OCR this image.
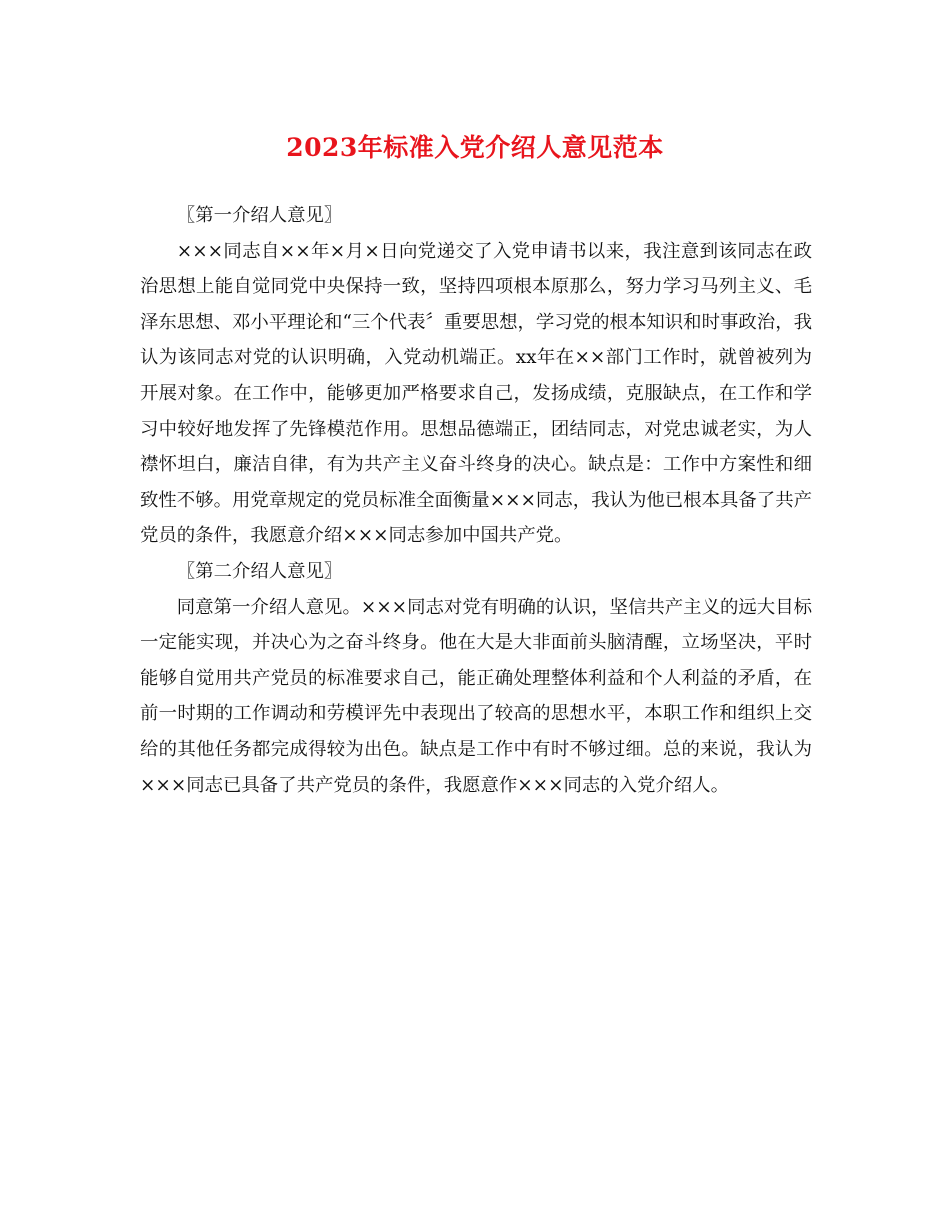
2023年标准入党介绍人意见范本

〖第一介绍人意见〗

×××同志自××年×月×日向党递交了入党申请书以来，我注意到该同志在政治思想上能自觉同党中央保持一致，坚持四项根本原那么，努力学习马列主义、毛泽东思想、邓小平理论和“三个代表〞重要思想，学习党的根本知识和时事政治，我认为该同志对党的认识明确，入党动机端正。xx年在××部门工作时，就曾被列为开展对象。在工作中，能够更加严格要求自己，发扬成绩，克服缺点，在工作和学习中较好地发挥了先锋模范作用。思想品德端正，团结同志，对党忠诚老实，为人襟怀坦白，廉洁自律，有为共产主义奋斗终身的决心。缺点是：工作中方案性和细致性不够。用党章规定的党员标准全面衡量×××同志，我认为他已根本具备了共产党员的条件，我愿意介绍×××同志参加中国共产党。

〖第二介绍人意见〗

同意第一介绍人意见。×××同志对党有明确的认识，坚信共产主义的远大目标一定能实现，并决心为之奋斗终身。他在大是大非面前头脑清醒，立场坚决，平时能够自觉用共产党员的标准要求自己，能正确处理整体利益和个人利益的矛盾，在前一时期的工作调动和劳模评先中表现出了较高的思想水平，本职工作和组织上交给的其他任务都完成得较为出色。缺点是工作中有时不够过细。总的来说，我认为×××同志已具备了共产党员的条件，我愿意作×××同志的入党介绍人。
